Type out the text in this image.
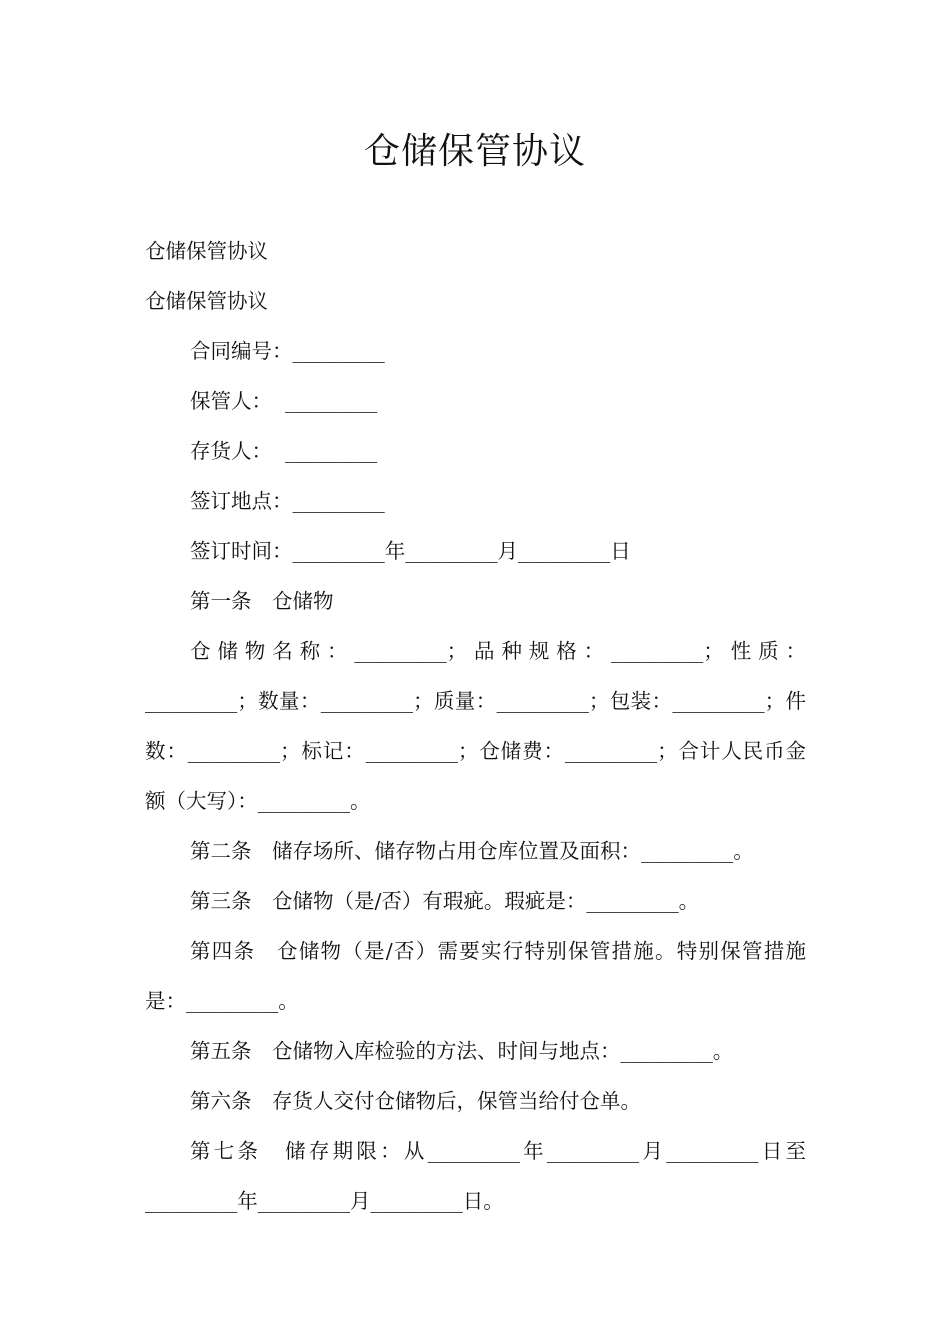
仓储保管协议

仓储保管协议

仓储保管协议

合同编号：_________

保管人：  _________

存货人：  _________

签订地点：_________

签订时间：_________年_________月_________日

第一条　仓储物

仓储物名称：_________；品种规格：_________；性质：_________；数量：_________；质量：_________；包装：_________；件数：_________；标记：_________；仓储费：_________；合计人民币金额（大写）：_________。

第二条　储存场所、储存物占用仓库位置及面积：_________。

第三条　仓储物（是/否）有瑕疵。瑕疵是：_________。

第四条　仓储物（是/否）需要实行特别保管措施。特别保管措施是：_________。

第五条　仓储物入库检验的方法、时间与地点：_________。

第六条　存货人交付仓储物后，保管当给付仓单。

第七条　储存期限：从_________年_________月_________日至_________年_________月_________日。
